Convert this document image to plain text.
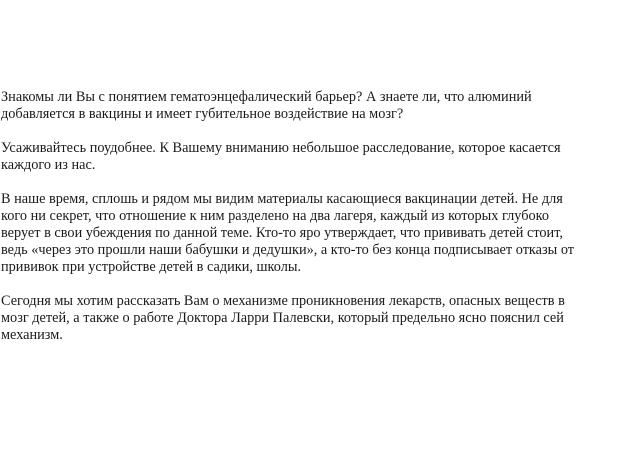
Знакомы ли Вы с понятием гематоэнцефалический барьер? А знаете ли, что алюминий
добавляется в вакцины и имеет губительное воздействие на мозг?

Усаживайтесь поудобнее. К Вашему вниманию небольшое расследование, которое касается
каждого из нас.

В наше время, сплошь и рядом мы видим материалы касающиеся вакцинации детей. Не для
кого ни секрет, что отношение к ним разделено на два лагеря, каждый из которых глубоко
верует в свои убеждения по данной теме. Кто-то яро утверждает, что прививать детей стоит,
ведь «через это прошли наши бабушки и дедушки», а кто-то без конца подписывает отказы от
прививок при устройстве детей в садики, школы.

Сегодня мы хотим рассказать Вам о механизме проникновения лекарств, опасных веществ в
мозг детей, а также о работе Доктора Ларри Палевски, который предельно ясно пояснил сей
механизм.
